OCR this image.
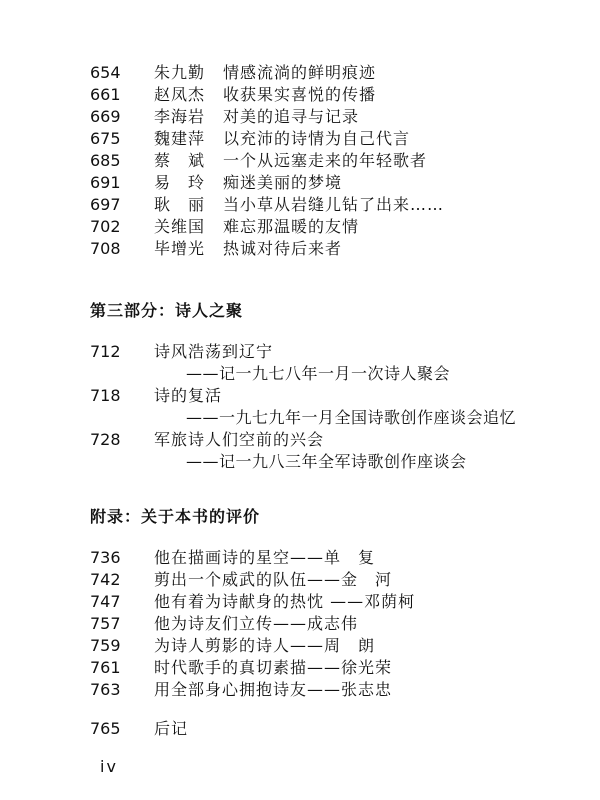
654 朱九勤 情感流淌的鲜明痕迹
661 赵凤杰 收获果实喜悦的传播
669 李海岩 对美的追寻与记录
675 魏建萍 以充沛的诗情为自己代言
685 蔡　斌 一个从远塞走来的年轻歌者
691 易　玲 痴迷美丽的梦境
697 耿　丽 当小草从岩缝儿钻了出来……
702 关维国 难忘那温暖的友情
708 毕增光 热诚对待后来者
第三部分：诗人之聚
712 诗风浩荡到辽宁
——记一九七八年一月一次诗人聚会
718 诗的复活
——一九七九年一月全国诗歌创作座谈会追忆
728 军旅诗人们空前的兴会
——记一九八三年全军诗歌创作座谈会
附录：关于本书的评价
736 他在描画诗的星空——单　复
742 剪出一个威武的队伍——金　河
747 他有着为诗献身的热忱 ——邓荫柯
757 他为诗友们立传——成志伟
759 为诗人剪影的诗人——周　朗
761 时代歌手的真切素描——徐光荣
763 用全部身心拥抱诗友——张志忠
765 后记
iv
